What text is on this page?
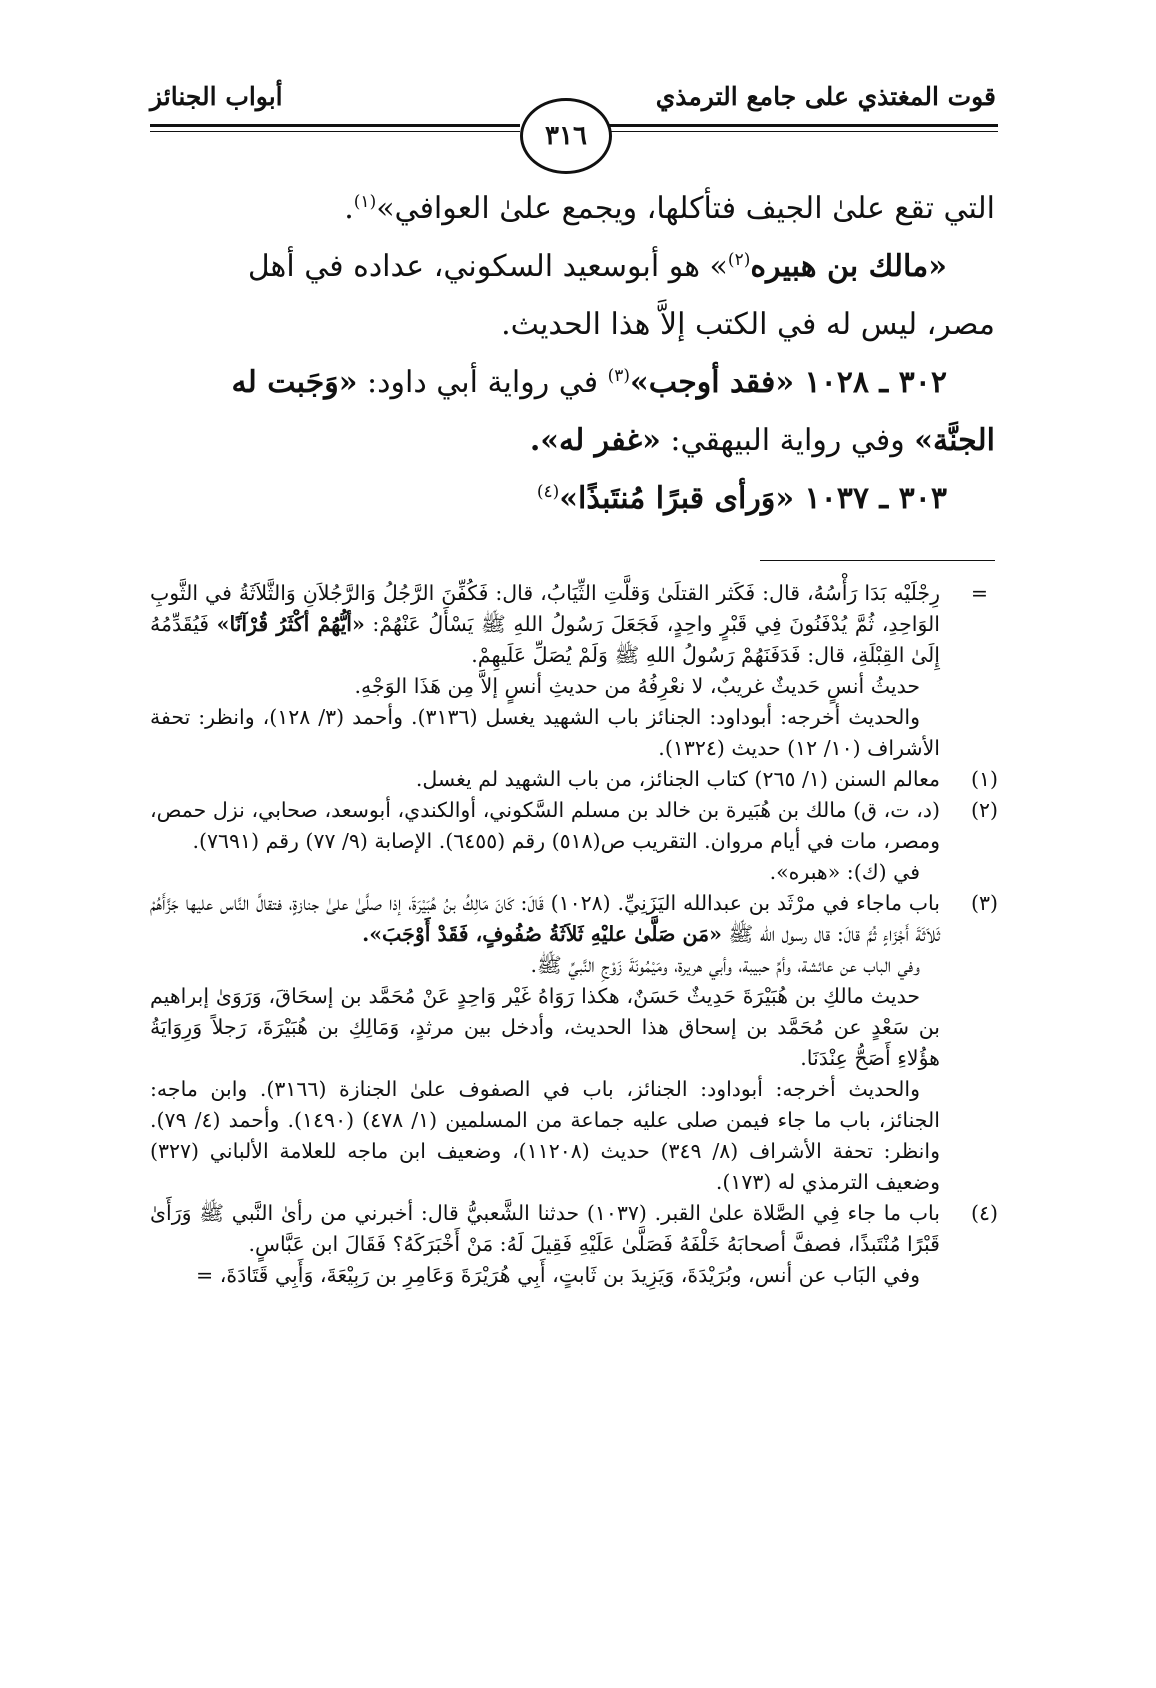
قوت المغتذي على جامع الترمذي
أبواب الجنائز
٣١٦

التي تقع علىٰ الجيف فتأكلها، ويجمع علىٰ العوافي»$^{(١)}$.

«مالك بن هبيره$^{(٢)}$» هو أبوسعيد السكوني، عداده في أهل

مصر، ليس له في الكتب إلاَّ هذا الحديث.

٣٠٢ ـ ١٠٢٨ «فقد أوجب»$^{(٣)}$ في رواية أبي داود: «وَجَبت له

الجنَّة» وفي رواية البيهقي: «غفر له».

٣٠٣ ـ ١٠٣٧ «وَرأى قبرًا مُنتَبذًا»$^{(٤)}$

=
رِجْلَيْه بَدَا رَأْسُهُ، قال: فَكَثر القتلَىٰ وَقلَّتِ الثِّيَابُ، قال: فَكُفِّنَ الرَّجُلُ وَالرَّجُلاَنِ وَالثَّلاَثَةُ في الثَّوبِ الوَاحِدِ، ثُمَّ يُدْفَنُونَ فِي قَبْرٍ واحِدٍ، فَجَعَلَ رَسُولُ اللهِ ﷺ يَسْأَلُ عَنْهُمْ: «أيُّهُمْ أكْثَرُ قُرْآنًا» فَيُقَدِّمُهُ إِلَىٰ القِبْلَةِ، قال: فَدَفَنَهُمْ رَسُولُ اللهِ ﷺ وَلَمْ يُصَلِّ عَلَيهِمْ.

حديثُ أنسٍ حَديثٌ غريبٌ، لا نعْرِفُهُ من حديثِ أنسٍ إلاَّ مِن هَذَا الوَجْهِ.

والحديث أخرجه: أبوداود: الجنائز باب الشهيد يغسل (٣١٣٦). وأحمد (٣/ ١٢٨)، وانظر: تحفة الأشراف (١٠/ ١٢) حديث (١٣٢٤).

(١)
معالم السنن (١/ ٢٦٥) كتاب الجنائز، من باب الشهيد لم يغسل.

(٢)
(د، ت، ق) مالك بن هُبَيرة بن خالد بن مسلم السَّكوني، أوالكندي، أبوسعد، صحابي، نزل حمص، ومصر، مات في أيام مروان. التقريب ص(٥١٨) رقم (٦٤٥٥). الإصابة (٩/ ٧٧) رقم (٧٦٩١).

في (ك): «هبره».

(٣)
باب ماجاء في مرْثَد بن عبدالله اليَزَنِيِّ. (١٠٢٨) قَالَ: كَانَ مَالِكُ بنُ هُبَيْرَةَ، إذا صلَّىٰ علىٰ جنازةٍ، فتقالَّ النَّاس عليها جَزَّأَهُمْ ثَلاَثَةَ أَجْزَاءٍ ثُمَّ قالَ: قال رسول الله ﷺ «مَن صَلَّىٰ عليْهِ ثَلاَثَةُ صُفُوفٍ، فَقَدْ أَوْجَبَ».

وفي الباب عن عائشة، وأمِّ حبيبة، وأبي هريرة، ومَيْمُونَةَ زَوْجِ النَّبيِّ ﷺ.

حديث مالكِ بن هُبَيْرَةَ حَدِيثٌ حَسَنٌ، هكذا رَوَاهُ غَيْر وَاحِدٍ عَنْ مُحَمَّد بن إسحَاقَ، وَرَوَىٰ إبراهيم بن سَعْدٍ عن مُحَمَّد بن إسحاق هذا الحديث، وأدخل بين مرثدٍ، وَمَالِكِ بن هُبَيْرَةَ، رَجلاً وَرِوَايَةُ هؤُلاءِ أَصَحُّ عِنْدَنَا.

والحديث أخرجه: أبوداود: الجنائز، باب في الصفوف علىٰ الجنازة (٣١٦٦). وابن ماجه: الجنائز، باب ما جاء فيمن صلى عليه جماعة من المسلمين (١/ ٤٧٨) (١٤٩٠). وأحمد (٤/ ٧٩). وانظر: تحفة الأشراف (٨/ ٣٤٩) حديث (١١٢٠٨)، وضعيف ابن ماجه للعلامة الألباني (٣٢٧) وضعيف الترمذي له (١٧٣).

(٤)
باب ما جاء فِي الصَّلاة علىٰ القبر. (١٠٣٧) حدثنا الشَّعبيُّ قال: أخبرني من رأىٰ النَّبي ﷺ وَرَأَىٰ قَبْرًا مُنْتَبذًا، فصفَّ أصحابَهُ خَلْفَهُ فَصَلَّىٰ عَلَيْهِ فَقِيلَ لَهُ: مَنْ أَخْبَرَكَهُ؟ فَقَالَ ابن عَبَّاسٍ.

وفي البَاب عن أنس، وبُرَيْدَةَ، وَيَزِيدَ بن ثَابتٍ، أَبِي هُرَيْرَةَ وَعَامِرِ بن رَبِيْعَةَ، وَأَبِي قَتَادَةَ، =
